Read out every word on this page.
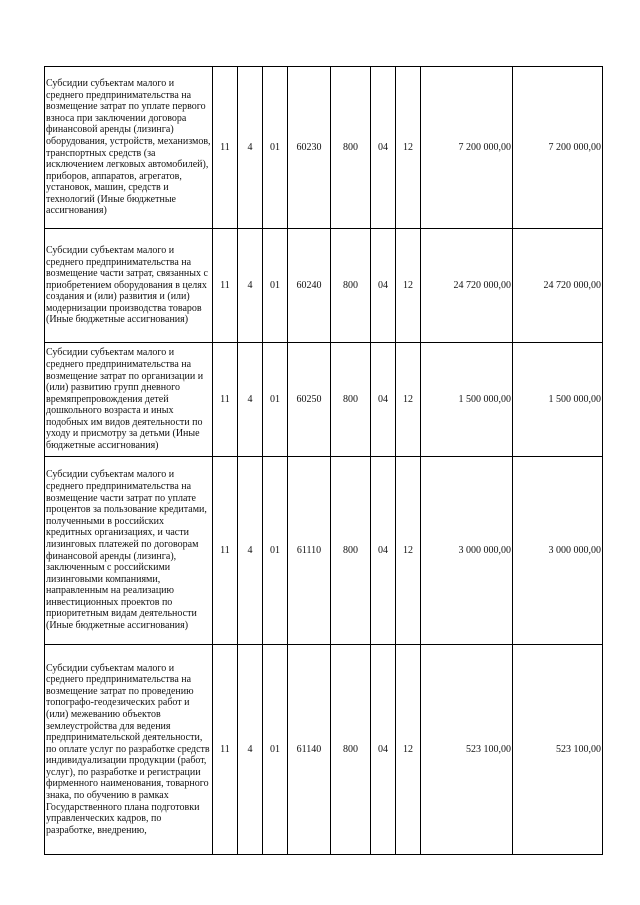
Субсидии субъектам малого и среднего предпринимательства на возмещение затрат по уплате первого взноса при заключении договора финансовой аренды (лизинга) оборудования, устройств, механизмов, транспортных средств (за исключением легковых автомобилей), приборов, аппаратов, агрегатов, установок, машин, средств и технологий (Иные бюджетные ассигнования)	11	4	01	60230	800	04	12	7 200 000,00	7 200 000,00
Субсидии субъектам малого и среднего предпринимательства на возмещение части затрат, связанных с приобретением оборудования в целях создания и (или) развития и (или) модернизации производства товаров (Иные бюджетные ассигнования)	11	4	01	60240	800	04	12	24 720 000,00	24 720 000,00
Субсидии субъектам малого и среднего предпринимательства на возмещение затрат по организации и (или) развитию групп дневного времяпрепровождения детей дошкольного возраста и иных подобных им видов деятельности по уходу и присмотру за детьми (Иные бюджетные ассигнования)	11	4	01	60250	800	04	12	1 500 000,00	1 500 000,00
Субсидии субъектам малого и среднего предпринимательства на возмещение части затрат по уплате процентов за пользование кредитами, полученными в российских кредитных организациях, и части лизинговых платежей по договорам финансовой аренды (лизинга), заключенным с российскими лизинговыми компаниями, направленным на реализацию инвестиционных проектов по приоритетным видам деятельности (Иные бюджетные ассигнования)	11	4	01	61110	800	04	12	3 000 000,00	3 000 000,00
Субсидии субъектам малого и среднего предпринимательства на возмещение затрат по проведению топографо-геодезических работ и (или) межеванию объектов землеустройства для ведения предпринимательской деятельности, по оплате услуг по разработке средств индивидуализации продукции (работ, услуг), по разработке и регистрации фирменного наименования, товарного знака, по обучению в рамках Государственного плана подготовки управленческих кадров, по разработке, внедрению,	11	4	01	61140	800	04	12	523 100,00	523 100,00
